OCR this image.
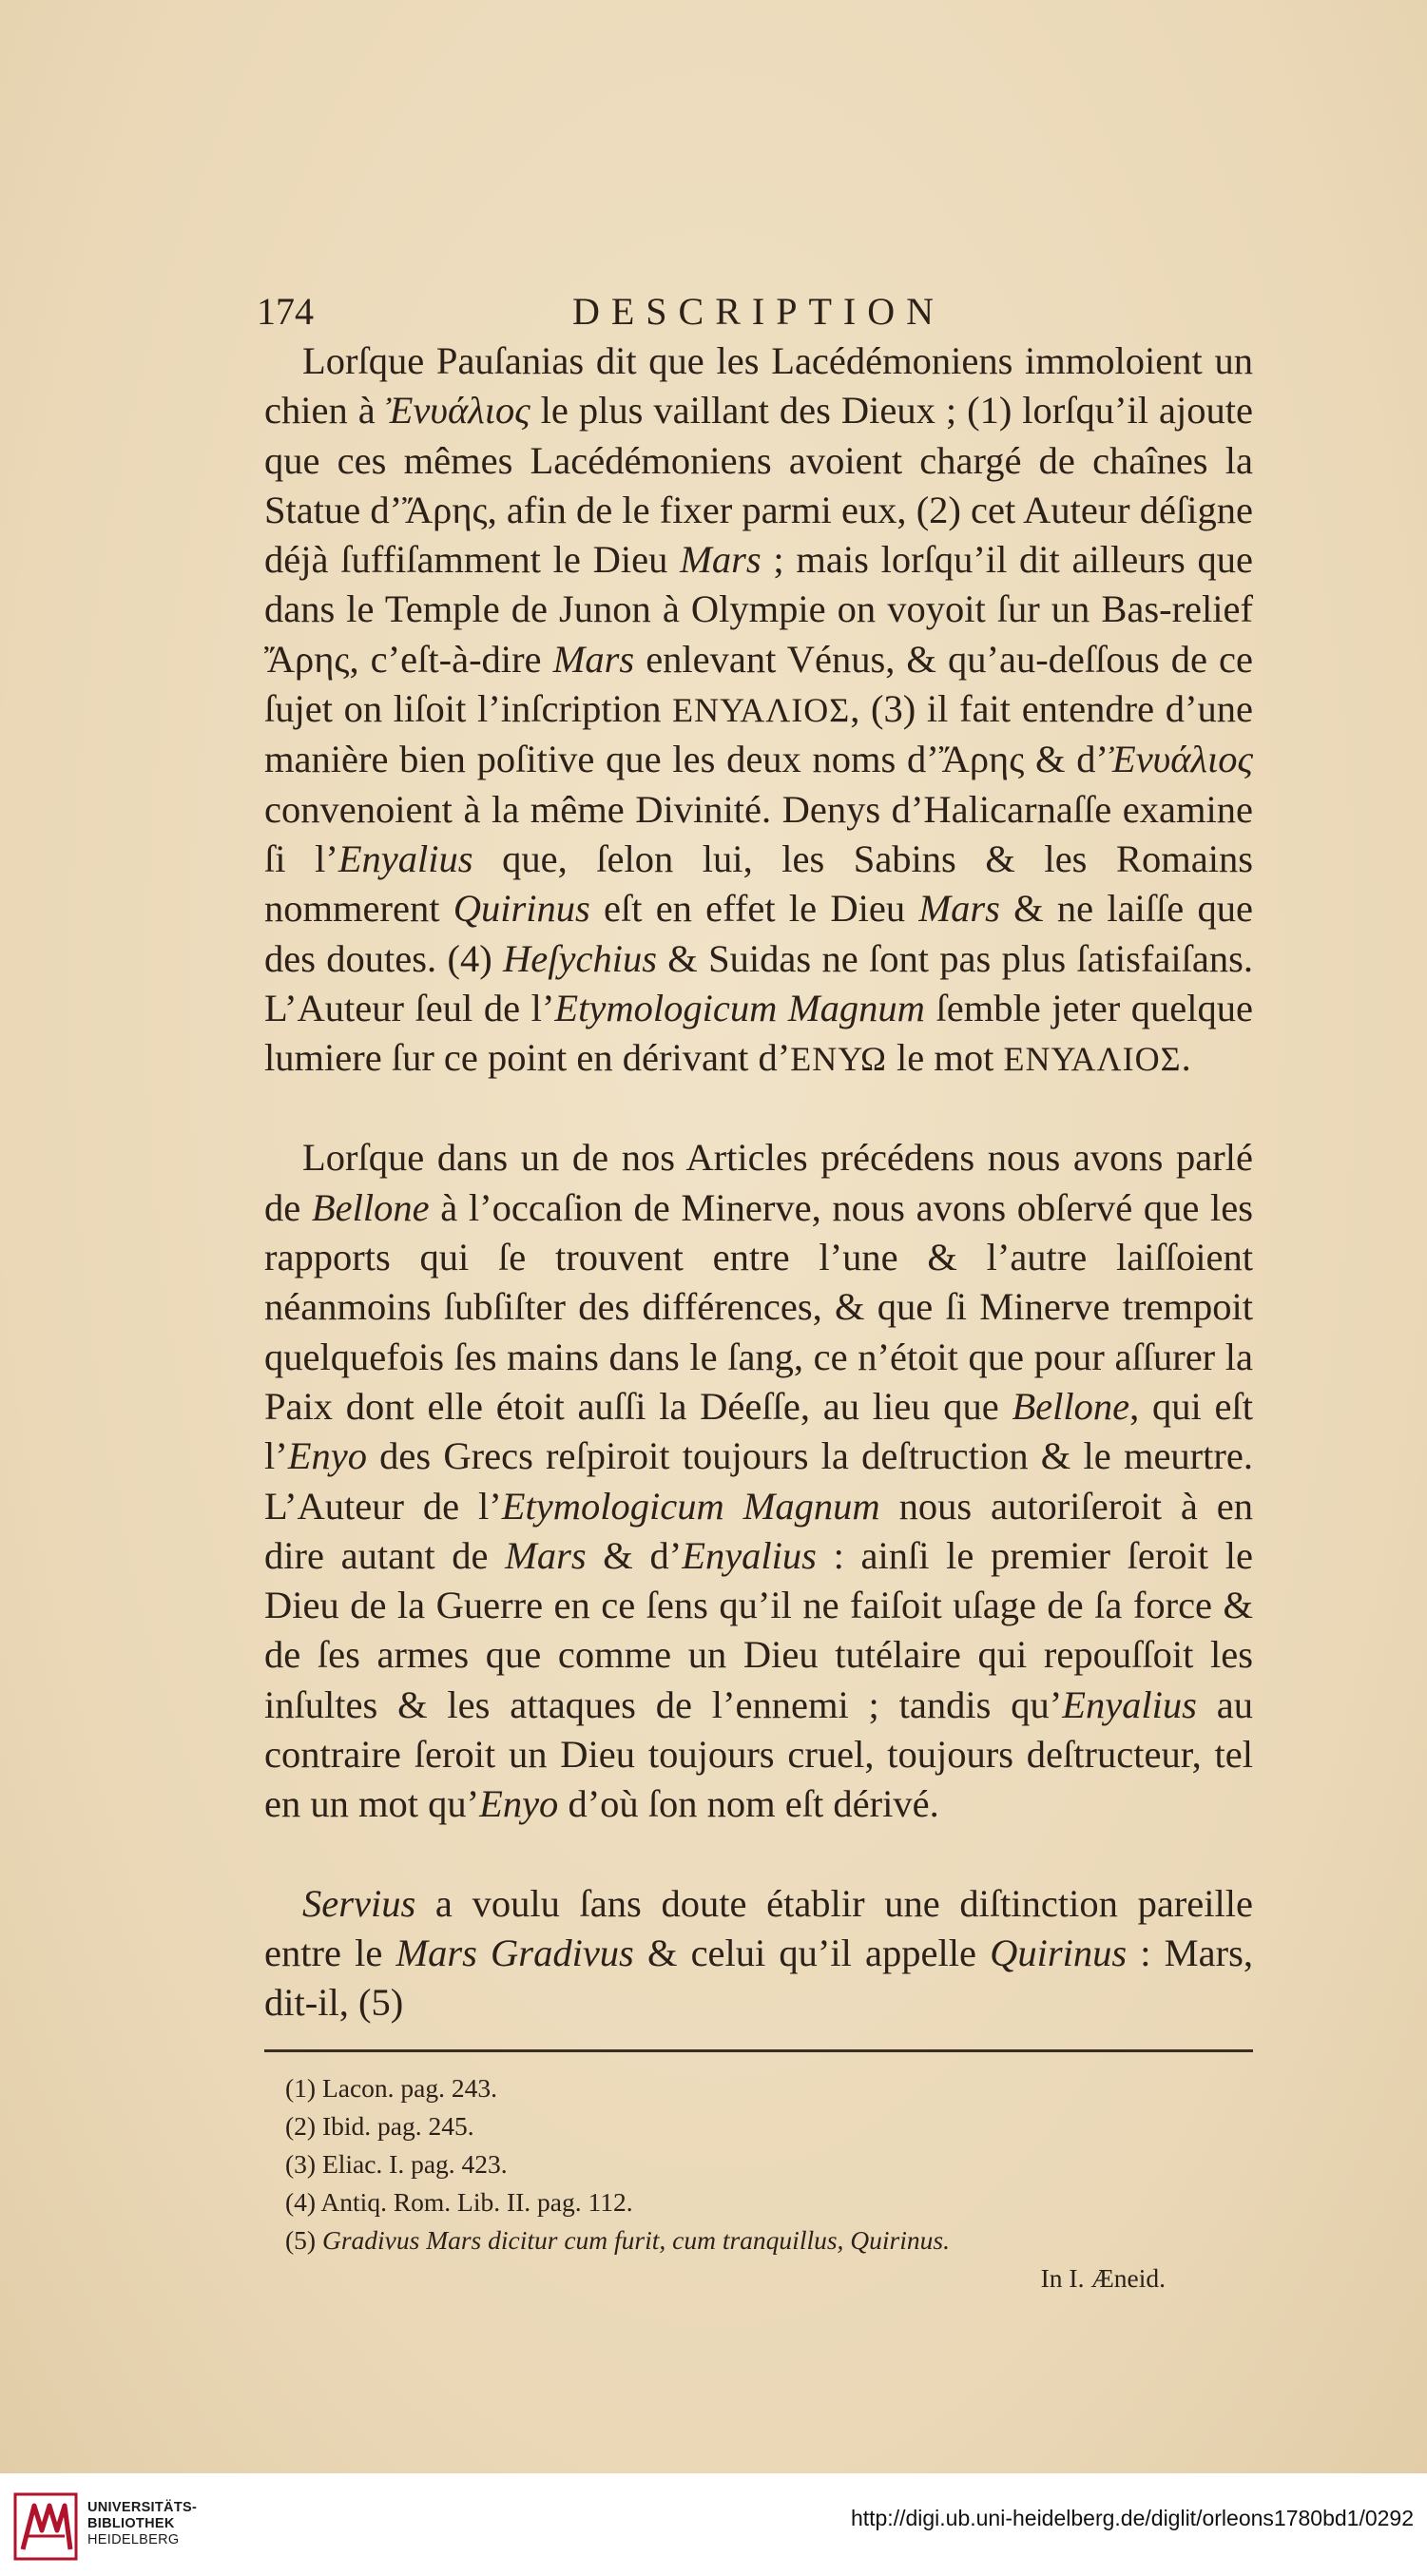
174	DESCRIPTION

Lorſque Pauſanias dit que les Lacédémoniens immoloient un chien à Ἐνυάλιος le plus vaillant des Dieux ; (1) lorſqu’il ajoute que ces mêmes Lacédémoniens avoient chargé de chaînes la Statue d’Ἄρης, afin de le fixer parmi eux, (2) cet Auteur déſigne déjà ſuffiſamment le Dieu Mars ; mais lorſqu’il dit ailleurs que dans le Temple de Junon à Olympie on voyoit ſur un Bas-relief Ἄρης, c’eſt-à-dire Mars enlevant Vénus, & qu’au-deſſous de ce ſujet on liſoit l’inſcription ΕΝΥΑΛΙΟΣ, (3) il fait entendre d’une manière bien poſitive que les deux noms d’Ἄρης & d’Ἐνυάλιος convenoient à la même Divinité. Denys d’Halicarnaſſe examine ſi l’Enyalius que, ſelon lui, les Sabins & les Romains nommerent Quirinus eſt en effet le Dieu Mars & ne laiſſe que des doutes. (4) Heſychius & Suidas ne ſont pas plus ſatisfaiſans. L’Auteur ſeul de l’Etymologicum Magnum ſemble jeter quelque lumiere ſur ce point en dérivant d’ΕΝΥΩ le mot ΕΝΥΑΛΙΟΣ.

Lorſque dans un de nos Articles précédens nous avons parlé de Bellone à l’occaſion de Minerve, nous avons obſervé que les rapports qui ſe trouvent entre l’une & l’autre laiſſoient néanmoins ſubſiſter des différences, & que ſi Minerve trempoit quelquefois ſes mains dans le ſang, ce n’étoit que pour aſſurer la Paix dont elle étoit auſſi la Déeſſe, au lieu que Bellone, qui eſt l’Enyo des Grecs reſpiroit toujours la deſtruction & le meurtre. L’Auteur de l’Etymologicum Magnum nous autoriſeroit à en dire autant de Mars & d’Enyalius : ainſi le premier ſeroit le Dieu de la Guerre en ce ſens qu’il ne faiſoit uſage de ſa force & de ſes armes que comme un Dieu tutélaire qui repouſſoit les inſultes & les attaques de l’ennemi ; tandis qu’Enyalius au contraire ſeroit un Dieu toujours cruel, toujours deſtructeur, tel en un mot qu’Enyo d’où ſon nom eſt dérivé.

Servius a voulu ſans doute établir une diſtinction pareille entre le Mars Gradivus & celui qu’il appelle Quirinus : Mars, dit-il, (5)

(1) Lacon. pag. 243.
(2) Ibid. pag. 245.
(3) Eliac. I. pag. 423.
(4) Antiq. Rom. Lib. II. pag. 112.
(5) Gradivus Mars dicitur cum furit, cum tranquillus, Quirinus.
In I. Æneid.
UNIVERSITÄTS-
BIBLIOTHEK
HEIDELBERG
http://digi.ub.uni-heidelberg.de/diglit/orleons1780bd1/0292
